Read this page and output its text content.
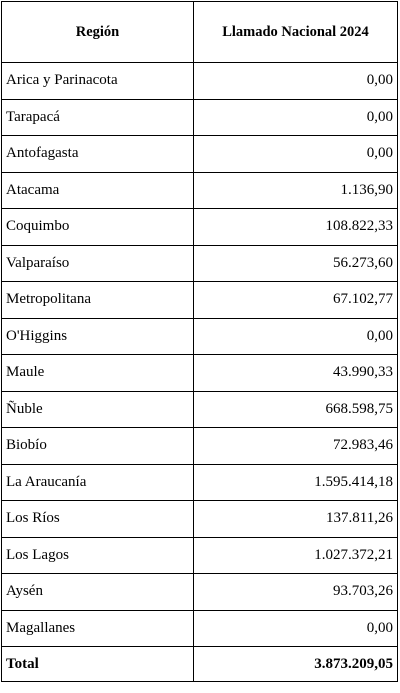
Región	Llamado Nacional 2024
Arica y Parinacota	0,00
Tarapacá	0,00
Antofagasta	0,00
Atacama	1.136,90
Coquimbo	108.822,33
Valparaíso	56.273,60
Metropolitana	67.102,77
O'Higgins	0,00
Maule	43.990,33
Ñuble	668.598,75
Biobío	72.983,46
La Araucanía	1.595.414,18
Los Ríos	137.811,26
Los Lagos	1.027.372,21
Aysén	93.703,26
Magallanes	0,00
Total	3.873.209,05
